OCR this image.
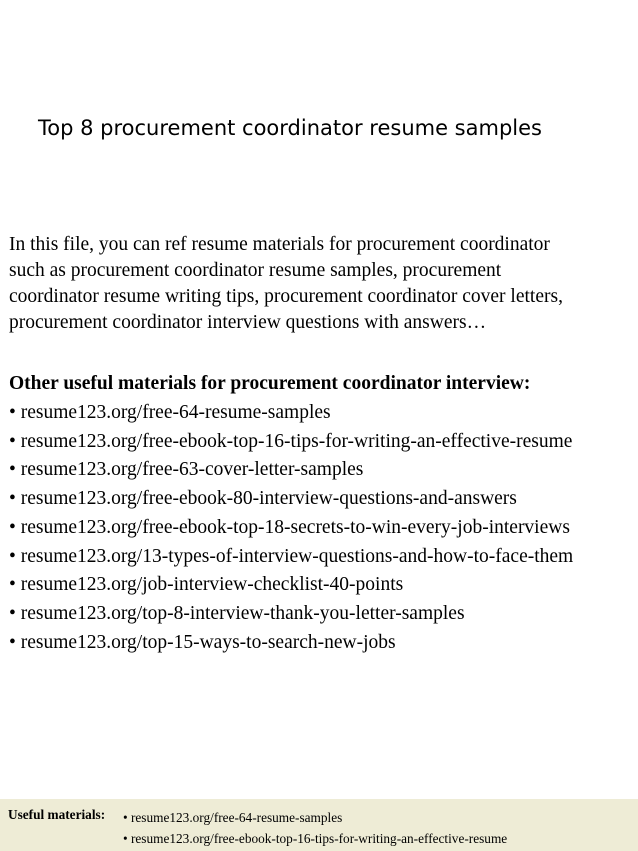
Top 8 procurement coordinator resume samples

In this file, you can ref resume materials for procurement coordinator
such as procurement coordinator resume samples, procurement
coordinator resume writing tips, procurement coordinator cover letters,
procurement coordinator interview questions with answers…

Other useful materials for procurement coordinator interview:
• resume123.org/free-64-resume-samples
• resume123.org/free-ebook-top-16-tips-for-writing-an-effective-resume
• resume123.org/free-63-cover-letter-samples
• resume123.org/free-ebook-80-interview-questions-and-answers
• resume123.org/free-ebook-top-18-secrets-to-win-every-job-interviews
• resume123.org/13-types-of-interview-questions-and-how-to-face-them
• resume123.org/job-interview-checklist-40-points
• resume123.org/top-8-interview-thank-you-letter-samples
• resume123.org/top-15-ways-to-search-new-jobs
Useful materials: • resume123.org/free-64-resume-samples
• resume123.org/free-ebook-top-16-tips-for-writing-an-effective-resume
